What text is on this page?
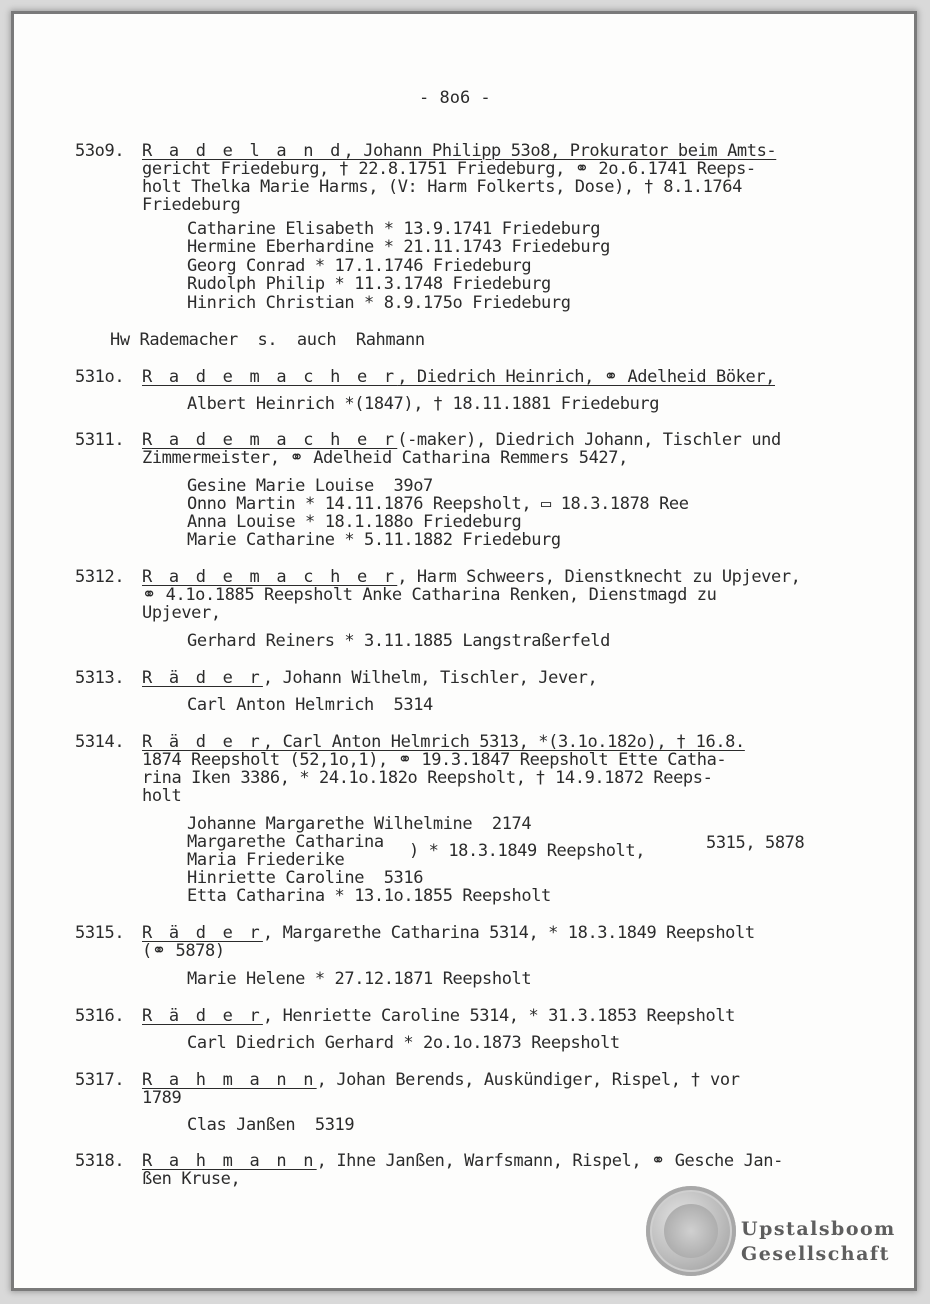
- 8o6 -
53o9. R a d e l a n d, Johann Philipp 53o8, Prokurator beim Amts-
gericht Friedeburg, † 22.8.1751 Friedeburg, ⚭ 2o.6.1741 Reeps-
holt Thelka Marie Harms, (V: Harm Folkerts, Dose), † 8.1.1764
Friedeburg
Catharine Elisabeth * 13.9.1741 Friedeburg
Hermine Eberhardine * 21.11.1743 Friedeburg
Georg Conrad * 17.1.1746 Friedeburg
Rudolph Philip * 11.3.1748 Friedeburg
Hinrich Christian * 8.9.175o Friedeburg
Hw Rademacher  s.  auch  Rahmann
531o. R a d e m a c h e r, Diedrich Heinrich, ⚭ Adelheid Böker,
Albert Heinrich *(1847), † 18.11.1881 Friedeburg
5311. R a d e m a c h e r(-maker), Diedrich Johann, Tischler und
Zimmermeister, ⚭ Adelheid Catharina Remmers 5427,
Gesine Marie Louise  39o7
Onno Martin * 14.11.1876 Reepsholt, ▭ 18.3.1878 Ree
Anna Louise * 18.1.188o Friedeburg
Marie Catharine * 5.11.1882 Friedeburg
5312. R a d e m a c h e r, Harm Schweers, Dienstknecht zu Upjever,
⚭ 4.1o.1885 Reepsholt Anke Catharina Renken, Dienstmagd zu
Upjever,
Gerhard Reiners * 3.11.1885 Langstraßerfeld
5313. R ä d e r, Johann Wilhelm, Tischler, Jever,
Carl Anton Helmrich  5314
5314. R ä d e r, Carl Anton Helmrich 5313, *(3.1o.182o), † 16.8.
1874 Reepsholt (52,1o,1), ⚭ 19.3.1847 Reepsholt Ette Catha-
rina Iken 3386, * 24.1o.182o Reepsholt, † 14.9.1872 Reeps-
holt
Johanne Margarethe Wilhelmine  2174
Margarethe Catharina
Maria Friederike	) * 18.3.1849 Reepsholt,	5315, 5878
Hinriette Caroline  5316
Etta Catharina * 13.1o.1855 Reepsholt
5315. R ä d e r, Margarethe Catharina 5314, * 18.3.1849 Reepsholt
(⚭ 5878)
Marie Helene * 27.12.1871 Reepsholt
5316. R ä d e r, Henriette Caroline 5314, * 31.3.1853 Reepsholt
Carl Diedrich Gerhard * 2o.1o.1873 Reepsholt
5317. R a h m a n n, Johan Berends, Auskündiger, Rispel, † vor
1789
Clas Janßen  5319
5318. R a h m a n n, Ihne Janßen, Warfsmann, Rispel, ⚭ Gesche Jan-
ßen Kruse,
Upstalsboom
Gesellschaft
